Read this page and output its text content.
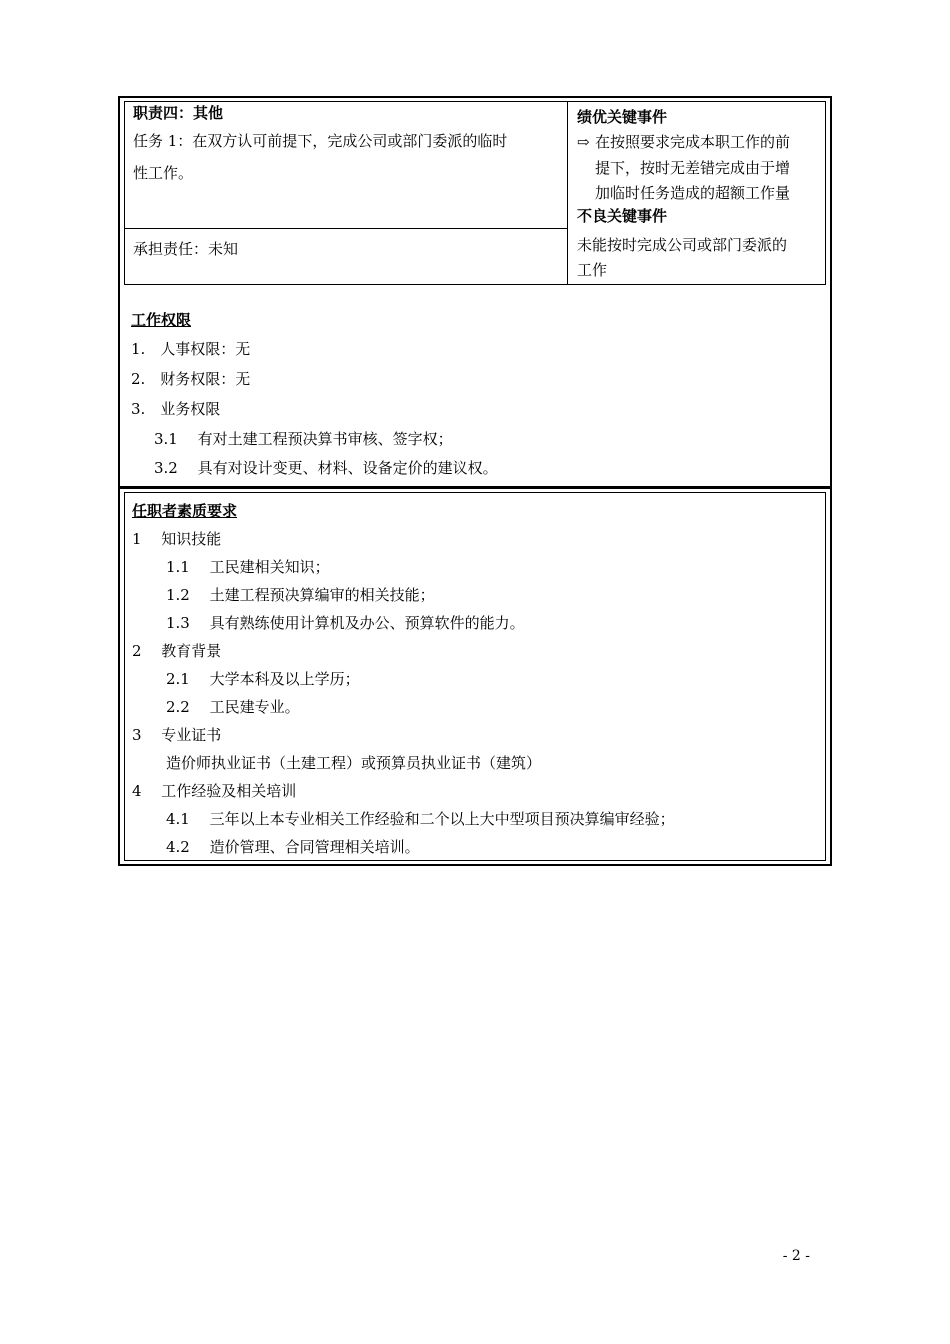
职责四：其他
任务 1：在双方认可前提下，完成公司或部门委派的临时
性工作。
承担责任：未知
绩优关键事件
⇨ 在按照要求完成本职工作的前
提下，按时无差错完成由于增
加临时任务造成的超额工作量
不良关键事件
未能按时完成公司或部门委派的
工作
工作权限
1.　人事权限：无
2.　财务权限：无
3.　业务权限
3.1　 有对土建工程预决算书审核、签字权；
3.2　 具有对设计变更、材料、设备定价的建议权。
任职者素质要求
1　 知识技能
1.1　 工民建相关知识；
1.2　 土建工程预决算编审的相关技能；
1.3　 具有熟练使用计算机及办公、预算软件的能力。
2　 教育背景
2.1　 大学本科及以上学历；
2.2　 工民建专业。
3　 专业证书
造价师执业证书（土建工程）或预算员执业证书（建筑）
4　 工作经验及相关培训
4.1　 三年以上本专业相关工作经验和二个以上大中型项目预决算编审经验；
4.2　 造价管理、合同管理相关培训。
- 2 -
